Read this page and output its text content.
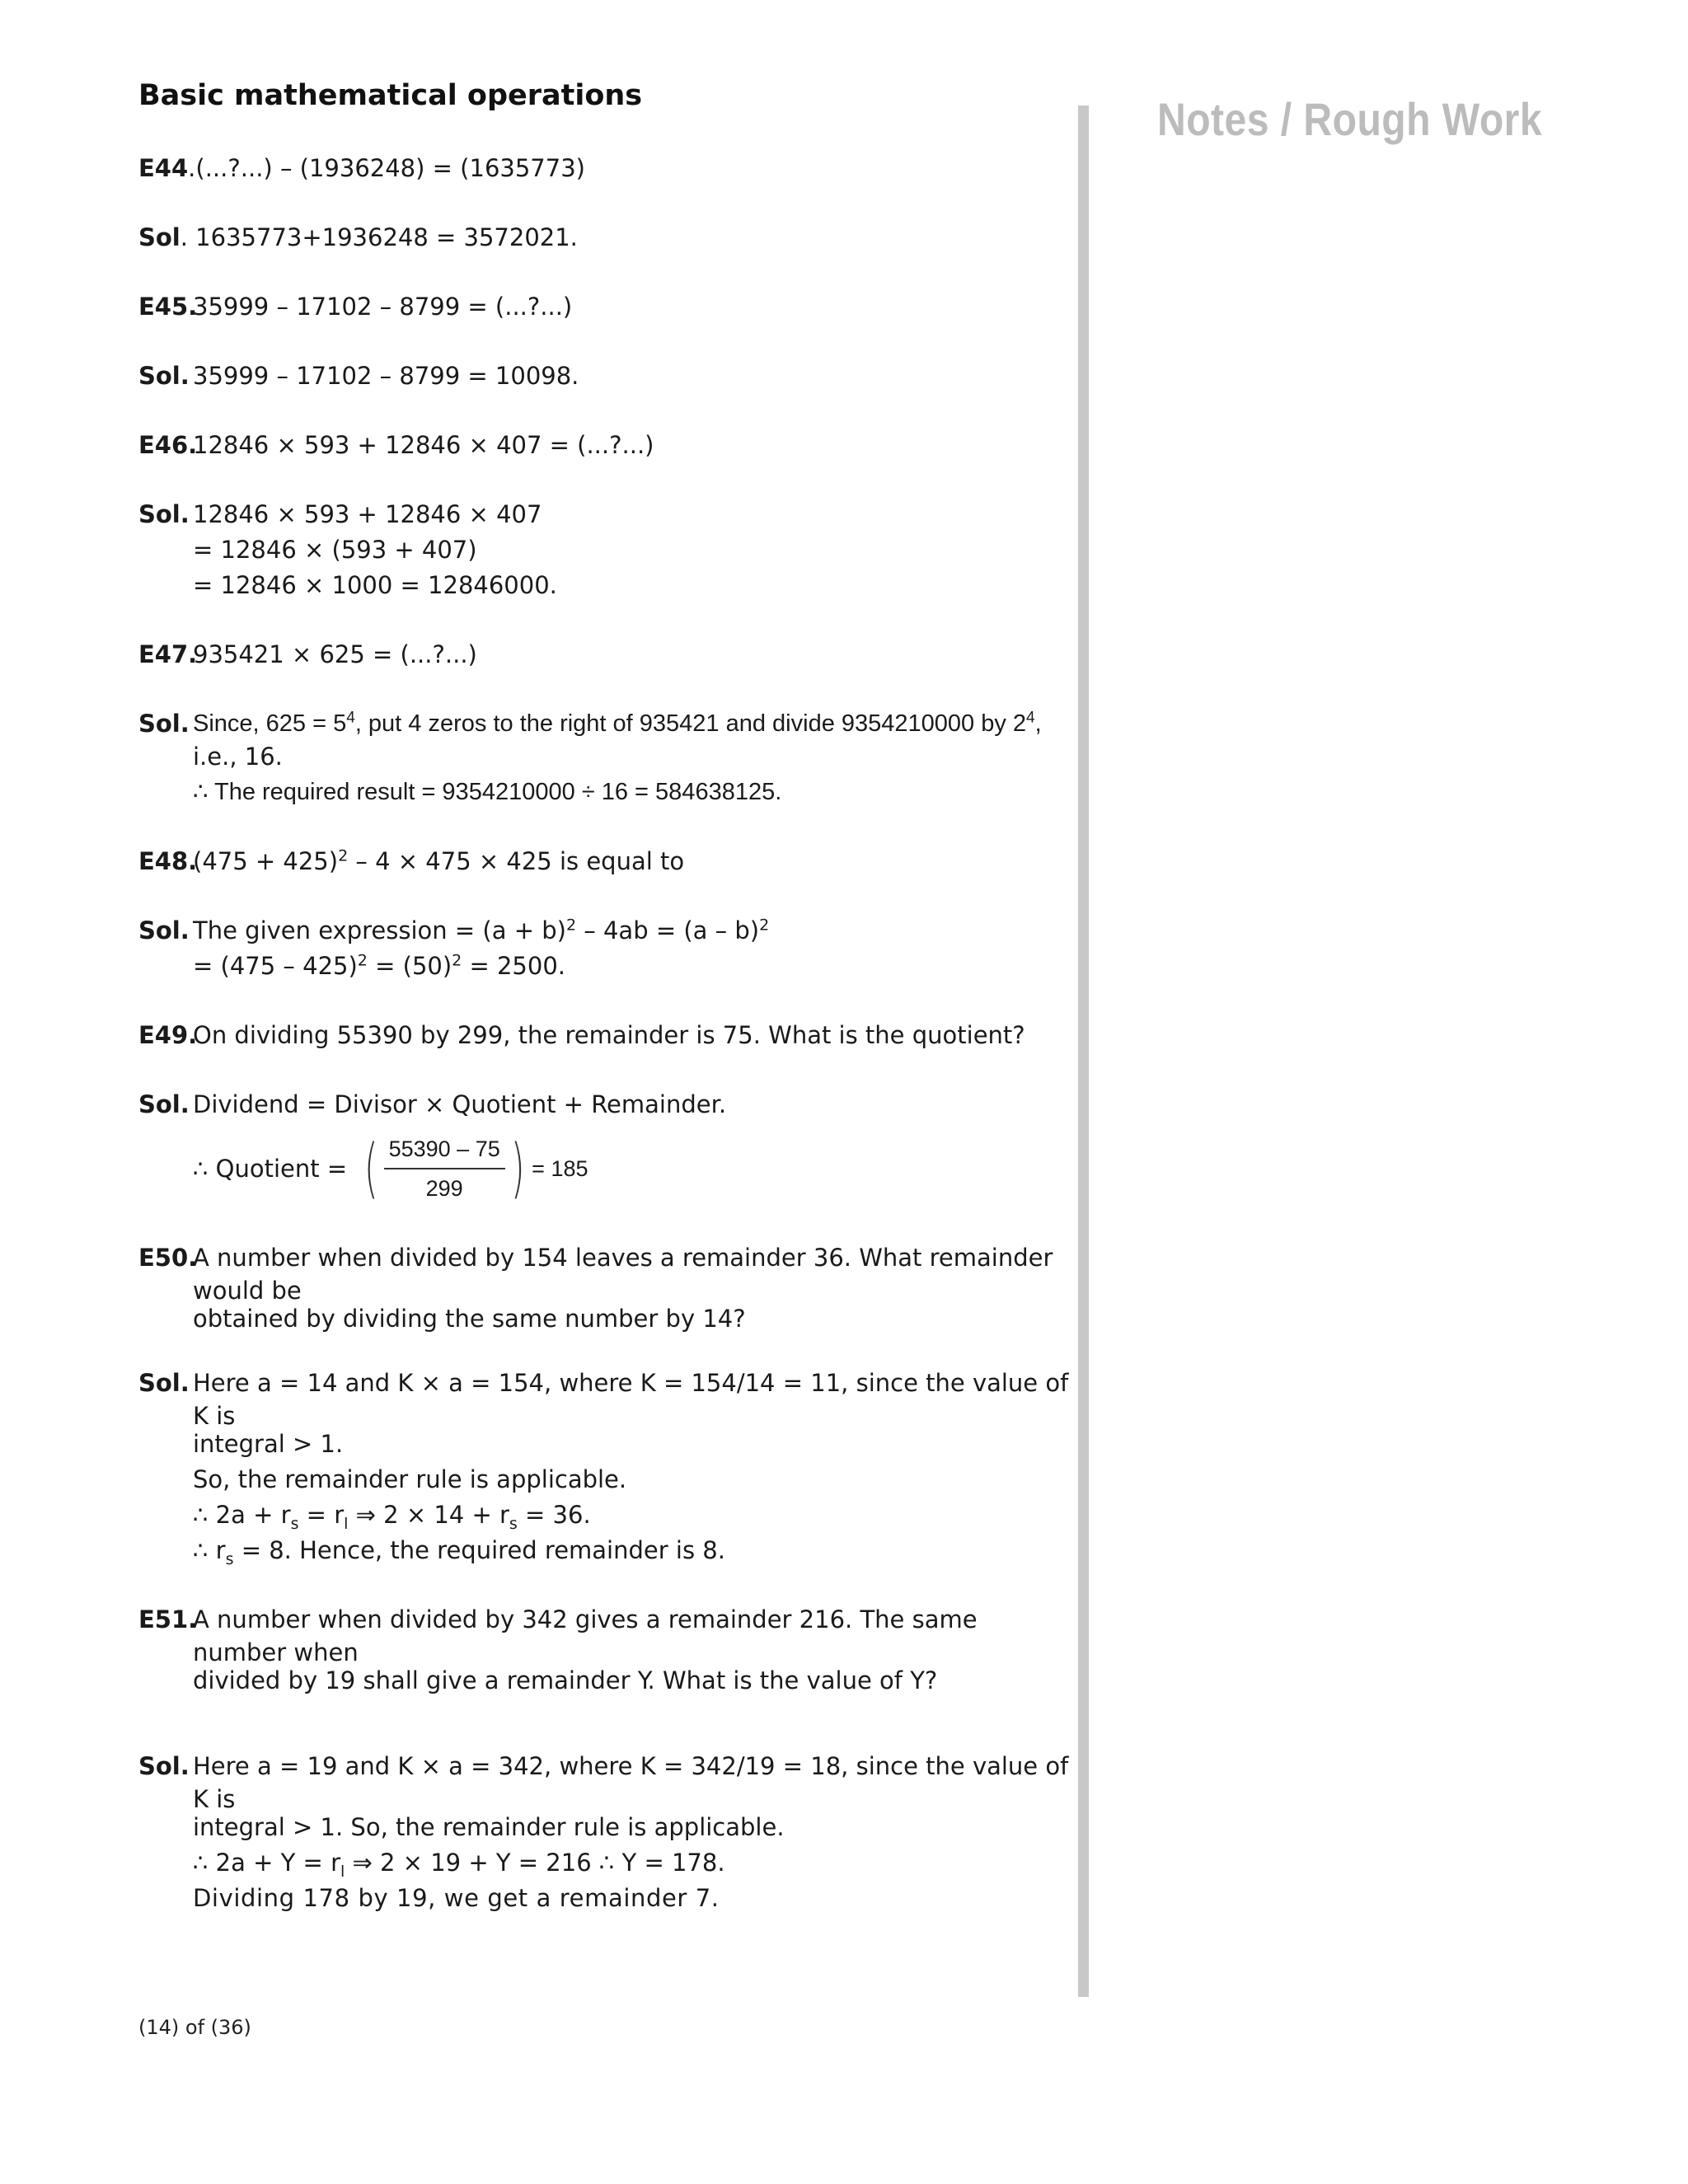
Basic mathematical operations	Notes / Rough Work
E44 .(...?...) – (1936248) = (1635773)
Sol . 1635773+1936248 = 3572021.
E45.
35999 – 17102 – 8799 = (...?...)
Sol. 35999 – 17102 – 8799 = 10098.
E46.
12846 × 593 + 12846 × 407 = (...?...)
Sol. 12846 × 593 + 12846 × 407
= 12846 × (593 + 407)
= 12846 × 1000 = 12846000.
E47.
935421 × 625 = (...?...)
Sol. Since, $625 = 5^4$, put 4 zeros to the right of 935421 and divide 9354210000 by $2^4$,
i.e., 16.
∴ The required result = 9354210000 ÷ 16 = 584638125.
E48.
$(475 + 425)^2 - 4 \times 475 \times 425$ is equal to
Sol. The given expression = $(a + b)^2 - 4ab = (a - b)^2$
= $(475 - 425)^2 = (50)^2 = 2500$.
E49.
On dividing 55390 by 299, the remainder is 75. What is the quotient?
Sol. Dividend = Divisor × Quotient + Remainder.
∴ Quotient = ( $\frac{55390 - 75}{299}$ ) = 185
E50.
A number when divided by 154 leaves a remainder 36. What remainder would be
obtained by dividing the same number by 14?
Sol. Here a = 14 and K × a = 154, where K = 154/14 = 11, since the value of K is
integral > 1.
So, the remainder rule is applicable.
∴ $2a + r_s = r_l$ ⇒ $2 \times 14 + r_s = 36$.
∴ $r_s = 8$. Hence, the required remainder is 8.
E51.
A number when divided by 342 gives a remainder 216. The same number when
divided by 19 shall give a remainder Y. What is the value of Y?
Sol. Here a = 19 and K × a = 342, where K = 342/19 = 18, since the value of K is
integral > 1. So, the remainder rule is applicable.
∴ $2a + Y = r_l$ ⇒ 2 × 19 + Y = 216 ∴ Y = 178.
Dividing 178 by 19, we get a remainder 7.
(14) of (36)
